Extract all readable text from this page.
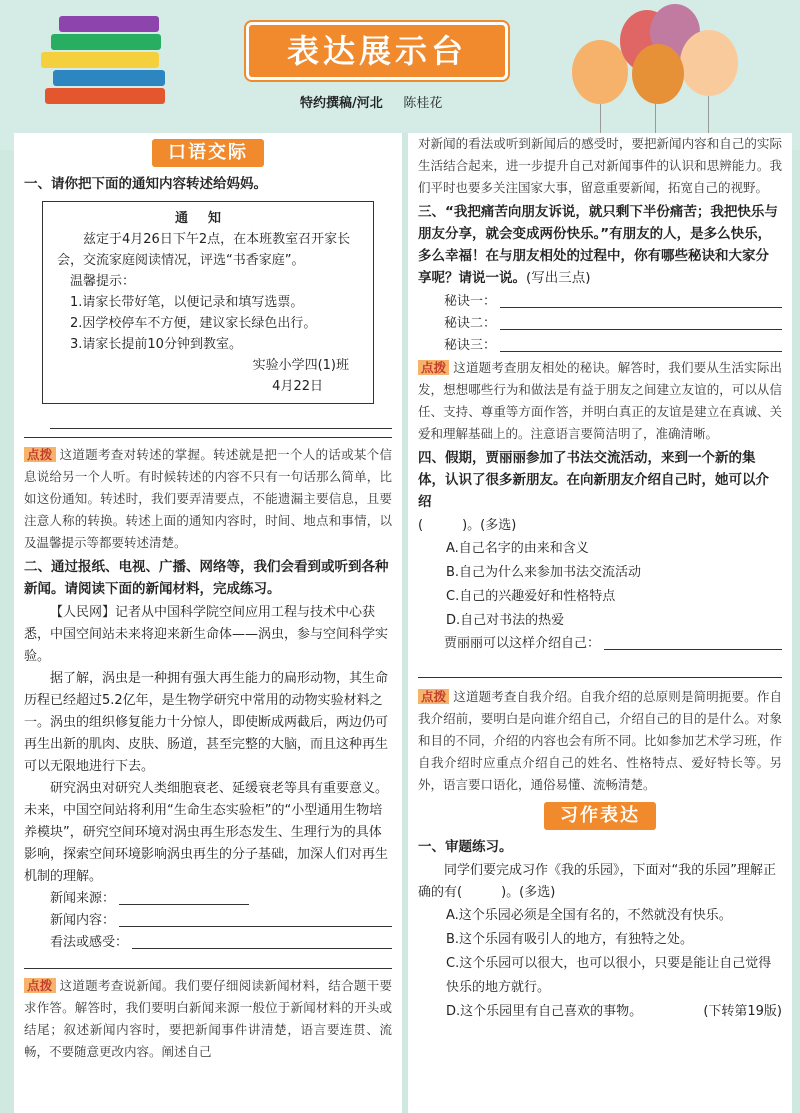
表达展示台
特约撰稿/河北 陈桂花
口语交际
一、请你把下面的通知内容转述给妈妈。
通知
兹定于4月26日下午2点，在本班教室召开家长会，交流家庭阅读情况，评选“书香家庭”。
温馨提示：
1.请家长带好笔，以便记录和填写选票。
2.因学校停车不方便，建议家长绿色出行。
3.请家长提前10分钟到教室。
实验小学四(1)班
4月22日

点拨 这道题考查对转述的掌握。转述就是把一个人的话或某个信息说给另一个人听。有时候转述的内容不只有一句话那么简单，比如这份通知。转述时，我们要弄清要点，不能遗漏主要信息，且要注意人称的转换。转述上面的通知内容时，时间、地点和事情，以及温馨提示等都要转述清楚。

二、通过报纸、电视、广播、网络等，我们会看到或听到各种新闻。请阅读下面的新闻材料，完成练习。

【人民网】记者从中国科学院空间应用工程与技术中心获悉，中国空间站未来将迎来新生命体——涡虫，参与空间科学实验。

据了解，涡虫是一种拥有强大再生能力的扁形动物，其生命历程已经超过5.2亿年，是生物学研究中常用的动物实验材料之一。涡虫的组织修复能力十分惊人，即使断成两截后，两边仍可再生出新的肌肉、皮肤、肠道，甚至完整的大脑，而且这种再生可以无限地进行下去。

研究涡虫对研究人类细胞衰老、延缓衰老等具有重要意义。未来，中国空间站将利用“生命生态实验柜”的“小型通用生物培养模块”，研究空间环境对涡虫再生形态发生、生理行为的具体影响，探索空间环境影响涡虫再生的分子基础，加深人们对再生机制的理解。

新闻来源：
新闻内容：
看法或感受：

点拨 这道题考查说新闻。我们要仔细阅读新闻材料，结合题干要求作答。解答时，我们要明白新闻来源一般位于新闻材料的开头或结尾；叙述新闻内容时，要把新闻事件讲清楚，语言要连贯、流畅，不要随意更改内容。阐述自己

对新闻的看法或听到新闻后的感受时，要把新闻内容和自己的实际生活结合起来，进一步提升自己对新闻事件的认识和思辨能力。我们平时也要多关注国家大事，留意重要新闻，拓宽自己的视野。

三、“我把痛苦向朋友诉说，就只剩下半份痛苦；我把快乐与朋友分享，就会变成两份快乐。”有朋友的人，是多么快乐，多么幸福！在与朋友相处的过程中，你有哪些秘诀和大家分享呢？请说一说。(写出三点)
秘诀一：
秘诀二：
秘诀三：

点拨 这道题考查朋友相处的秘诀。解答时，我们要从生活实际出发，想想哪些行为和做法是有益于朋友之间建立友谊的，可以从信任、支持、尊重等方面作答，并明白真正的友谊是建立在真诚、关爱和理解基础上的。注意语言要简洁明了，准确清晰。

四、假期，贾丽丽参加了书法交流活动，来到一个新的集体，认识了很多新朋友。在向新朋友介绍自己时，她可以介绍
(　　　)。(多选)
A.自己名字的由来和含义
B.自己为什么来参加书法交流活动
C.自己的兴趣爱好和性格特点
D.自己对书法的热爱
贾丽丽可以这样介绍自己：

点拨 这道题考查自我介绍。自我介绍的总原则是简明扼要。作自我介绍前，要明白是向谁介绍自己，介绍自己的目的是什么。对象和目的不同，介绍的内容也会有所不同。比如参加艺术学习班，作自我介绍时应重点介绍自己的姓名、性格特点、爱好特长等。另外，语言要口语化，通俗易懂、流畅清楚。

习作表达
一、审题练习。

同学们要完成习作《我的乐园》，下面对“我的乐园”理解正确的有(　　　)。(多选)

A.这个乐园必须是全国有名的，不然就没有快乐。
B.这个乐园有吸引人的地方，有独特之处。
C.这个乐园可以很大，也可以很小，只要是能让自己觉得快乐的地方就行。
D.这个乐园里有自己喜欢的事物。	(下转第19版)
